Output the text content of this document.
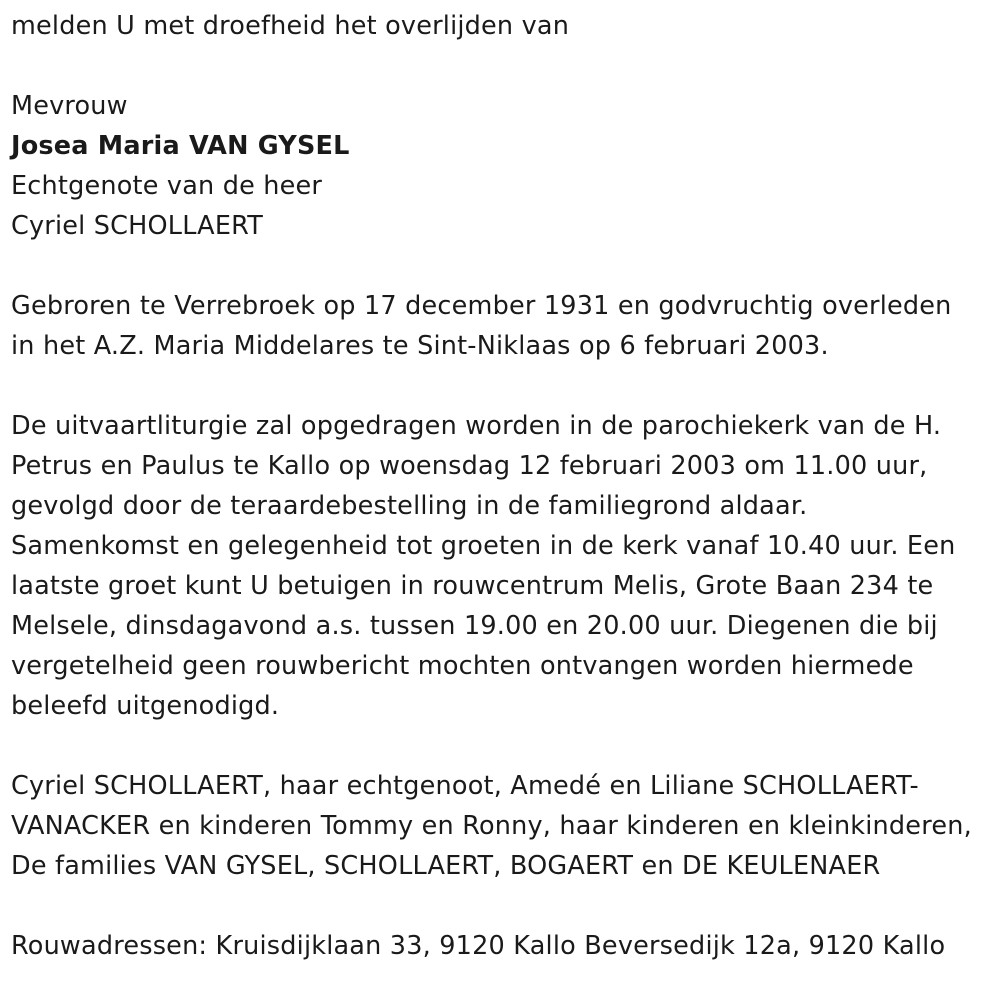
melden U met droefheid het overlijden van
Mevrouw
Josea Maria VAN GYSEL
Echtgenote van de heer
Cyriel SCHOLLAERT
Gebroren te Verrebroek op 17 december 1931 en godvruchtig overleden
in het A.Z. Maria Middelares te Sint-Niklaas op 6 februari 2003.
De uitvaartliturgie zal opgedragen worden in de parochiekerk van de H.
Petrus en Paulus te Kallo op woensdag 12 februari 2003 om 11.00 uur,
gevolgd door de teraardebestelling in de familiegrond aldaar.
Samenkomst en gelegenheid tot groeten in de kerk vanaf 10.40 uur. Een
laatste groet kunt U betuigen in rouwcentrum Melis, Grote Baan 234 te
Melsele, dinsdagavond a.s. tussen 19.00 en 20.00 uur. Diegenen die bij
vergetelheid geen rouwbericht mochten ontvangen worden hiermede
beleefd uitgenodigd.
Cyriel SCHOLLAERT, haar echtgenoot, Amedé en Liliane SCHOLLAERT-
VANACKER en kinderen Tommy en Ronny, haar kinderen en kleinkinderen,
De families VAN GYSEL, SCHOLLAERT, BOGAERT en DE KEULENAER
Rouwadressen: Kruisdijklaan 33, 9120 Kallo Beversedijk 12a, 9120 Kallo
